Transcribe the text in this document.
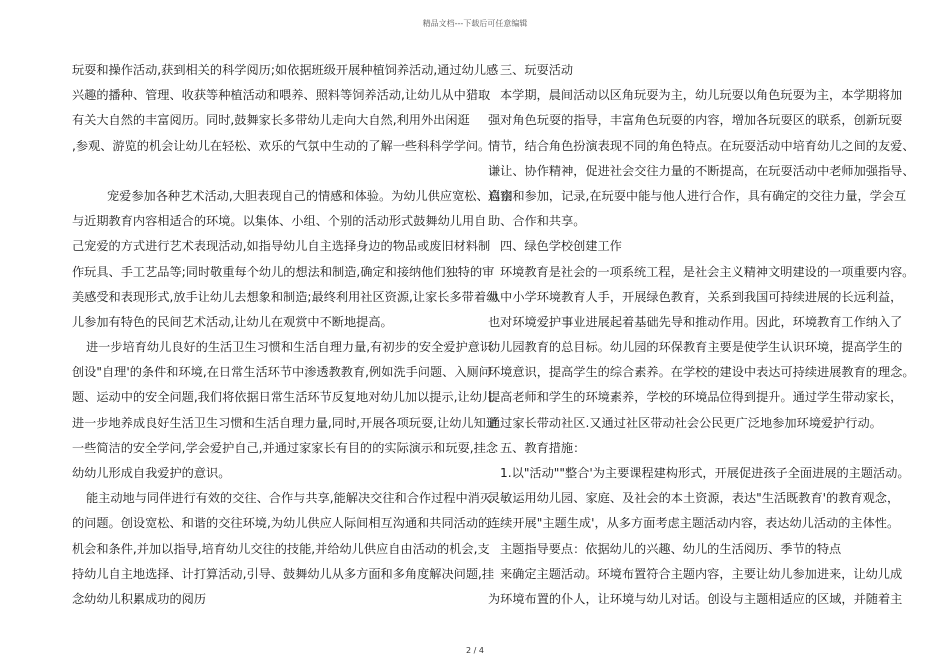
精品文档---下载后可任意编辑
玩耍和操作活动,获到相关的科学阅历;如依据班级开展种植饲养活动,通过幼儿感
兴趣的播种、管理、收获等种植活动和喂养、照料等饲养活动,让幼儿从中猎取
有关大自然的丰富阅历。同时,鼓舞家长多带幼儿走向大自然,利用外出闲逛
,参观、游览的机会让幼儿在轻松、欢乐的气氛中生动的了解一些科科学学问。
宠爱参加各种艺术活动,大胆表现自己的情感和体验。为幼儿供应宽松、自由
与近期教育内容相适合的环境。以集体、小组、个别的活动形式鼓舞幼儿用自
己宠爱的方式进行艺术表现活动,如指导幼儿自主选择身边的物品或废旧材料制
作玩具、手工艺品等;同时敬重每个幼儿的想法和制造,确定和接纳他们独特的审
美感受和表现形式,放手让幼儿去想象和制造;最终利用社区资源,让家长多带着幼
儿参加有特色的民间艺术活动,让幼儿在观赏中不断地提高。
进一步培育幼儿良好的生活卫生习惯和生活自理力量,有初步的安全爱护意识
创设"自理'的条件和环境,在日常生活环节中渗透教教育,例如洗手问题、入厕问
题、运动中的安全问题,我们将依据日常生活环节反复地对幼儿加以提示,让幼儿
进一步地养成良好生活卫生习惯和生活自理力量,同时,开展各项玩耍,让幼儿知道
一些简洁的安全学问,学会爱护自己,并通过家家长有目的的实际演示和玩耍,挂念
幼幼儿形成自我爱护的意识。
能主动地与同伴进行有效的交往、合作与共享,能解决交往和合作过程中消灭
的问题。创设宽松、和谐的交往环境,为幼儿供应人际间相互沟通和共同活动的
机会和条件,并加以指导,培育幼儿交往的技能,并给幼儿供应自由活动的机会,支
持幼儿自主地选择、计打算活动,引导、鼓舞幼儿从多方面和多角度解决问题,挂
念幼幼儿积累成功的阅历
三、玩耍活动
本学期，晨间活动以区角玩耍为主，幼儿玩耍以角色玩耍为主，本学期将加
强对角色玩耍的指导，丰富角色玩耍的内容，增加各玩耍区的联系，创新玩耍
情节，结合角色扮演表现不同的角色特点。在玩耍活动中培育幼儿之间的友爱、
谦让、协作精神，促进社会交往力量的不断提高，在玩耍活动中老师加强指导、
巡察和参加，记录,在玩耍中能与他人进行合作，具有确定的交往力量，学会互
助、合作和共享。
四、绿色学校创建工作
环境教育是社会的一项系统工程，是社会主义精神文明建设的一项重要内容。
从中小学环境教育人手，开展绿色教育，关系到我国可持续进展的长远利益，
也对环境爱护事业进展起着基础先导和推动作用。因此，环境教育工作纳入了
幼儿园教育的总目标。幼儿园的环保教育主要是使学生认识环境，提高学生的
环境意识，提高学生的综合素养。在学校的建设中表达可持续进展教育的理念。
提高老师和学生的环境素养，学校的环境品位得到提升。通过学生带动家长，
通过家长带动社区.又通过社区带动社会公民更广泛地参加环境爱护行动。
五、教育措施：
1.以"活动""整合'为主要课程建构形式，开展促进孩子全面进展的主题活动。
灵敏运用幼儿园、家庭、及社会的本土资源，表达"生活既教育'的教育观念，
连续开展"主题生成'，从多方面考虑主题活动内容，表达幼儿活动的主体性。
主题指导要点：依据幼儿的兴趣、幼儿的生活阅历、季节的特点
来确定主题活动。环境布置符合主题内容，主要让幼儿参加进来，让幼儿成
为环境布置的仆人，让环境与幼儿对话。创设与主题相适应的区域，并随着主
2 / 4
